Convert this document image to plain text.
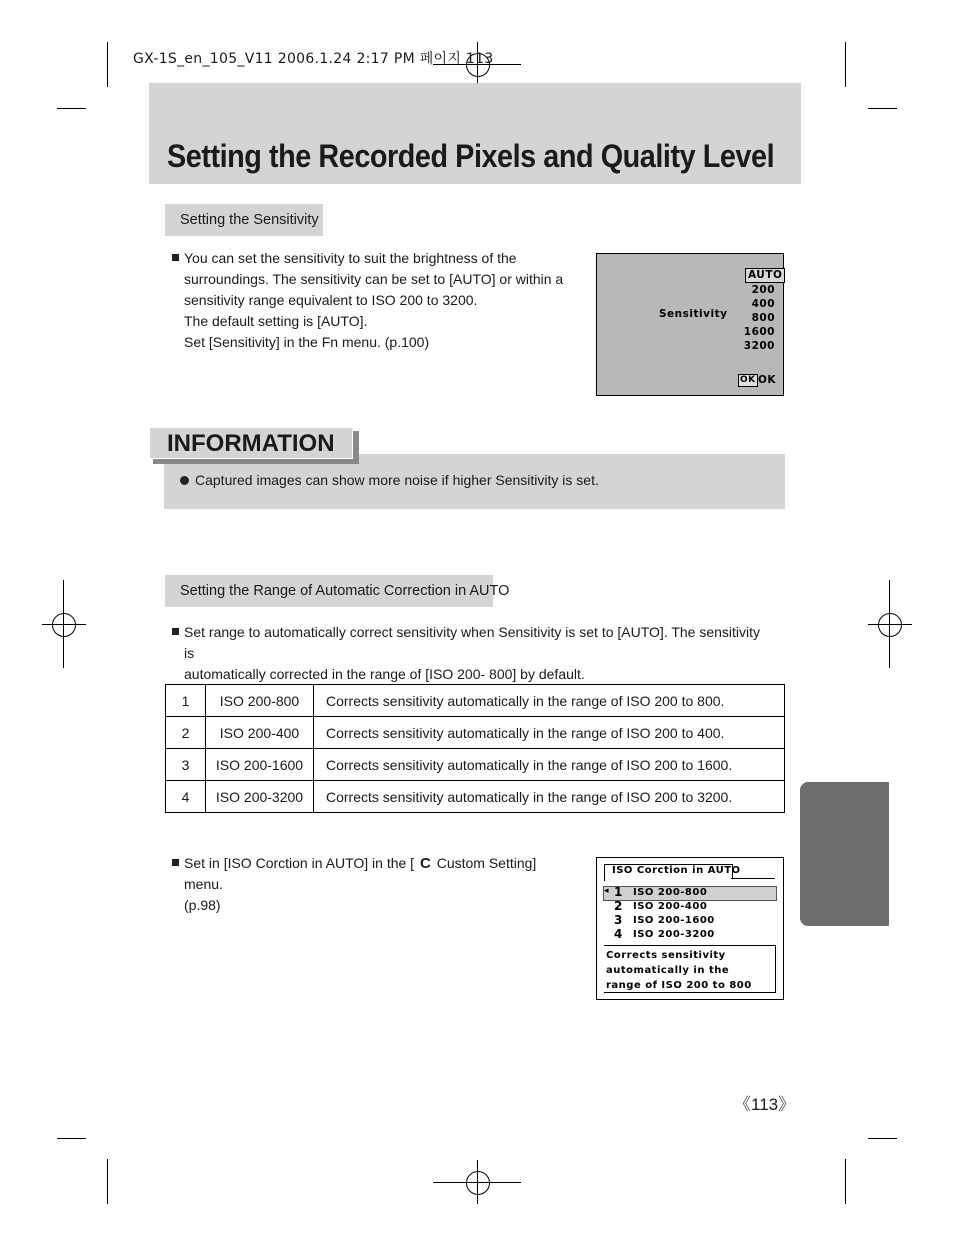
GX-1S_en_105_V11 2006.1.24 2:17 PM 페이지 113
Setting the Recorded Pixels and Quality Level
Setting the Sensitivity
You can set the sensitivity to suit the brightness of the
surroundings. The sensitivity can be set to [AUTO] or within a
sensitivity range equivalent to ISO 200 to 3200.
The default setting is [AUTO].
Set [Sensitivity] in the Fn menu. (p.100)
Sensitivity
AUTO
200
400
800
1600
3200
OK OK
INFORMATION
Captured images can show more noise if higher Sensitivity is set.
Setting the Range of Automatic Correction in AUTO
Set range to automatically correct sensitivity when Sensitivity is set to [AUTO]. The sensitivity is
automatically corrected in the range of [ISO 200- 800] by default.
1	ISO 200-800	Corrects sensitivity automatically in the range of ISO 200 to 800.
2	ISO 200-400	Corrects sensitivity automatically in the range of ISO 200 to 400.
3	ISO 200-1600	Corrects sensitivity automatically in the range of ISO 200 to 1600.
4	ISO 200-3200	Corrects sensitivity automatically in the range of ISO 200 to 3200.
Set in [ISO Corction in AUTO] in the [ C Custom Setting] menu.
(p.98)
ISO Corction in AUTO
◂ 1 ISO 200-800
2 ISO 200-400
3 ISO 200-1600
4 ISO 200-3200
Corrects sensitivity
automatically in the
range of ISO 200 to 800
《113》
